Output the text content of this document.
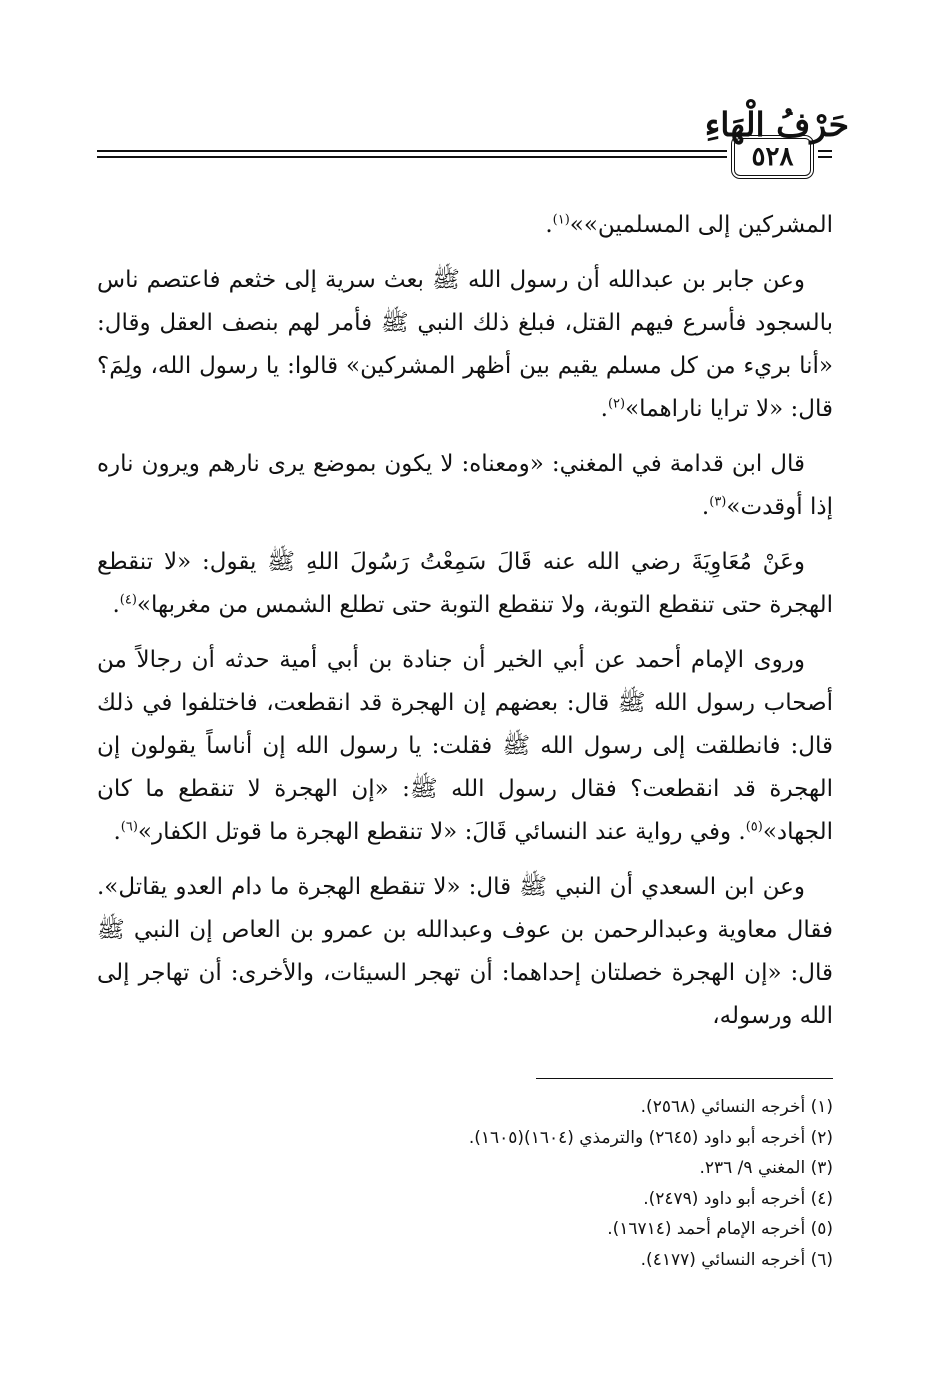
حَرْفُ الْهَاءِ
٥٢٨

المشركين إلى المسلمين»»$^{(١)}$.

وعن جابر بن عبدالله أن رسول الله ﷺ بعث سرية إلى خثعم فاعتصم ناس بالسجود فأسرع فيهم القتل، فبلغ ذلك النبي ﷺ فأمر لهم بنصف العقل وقال: «أنا بريء من كل مسلم يقيم بين أظهر المشركين» قالوا: يا رسول الله، ولِمَ؟ قال: «لا ترايا ناراهما»$^{(٢)}$.

قال ابن قدامة في المغني: «ومعناه: لا يكون بموضع يرى نارهم ويرون ناره إذا أوقدت»$^{(٣)}$.

وعَنْ مُعَاوِيَةَ رضي الله عنه قَالَ سَمِعْتُ رَسُولَ اللهِ ﷺ يقول: «لا تنقطع الهجرة حتى تنقطع التوبة، ولا تنقطع التوبة حتى تطلع الشمس من مغربها»$^{(٤)}$.

وروى الإمام أحمد عن أبي الخير أن جنادة بن أبي أمية حدثه أن رجالاً من أصحاب رسول الله ﷺ قال: بعضهم إن الهجرة قد انقطعت، فاختلفوا في ذلك قال: فانطلقت إلى رسول الله ﷺ فقلت: يا رسول الله إن أناساً يقولون إن الهجرة قد انقطعت؟ فقال رسول الله ﷺ: «إن الهجرة لا تنقطع ما كان الجهاد»$^{(٥)}$. وفي رواية عند النسائي قَالَ: «لا تنقطع الهجرة ما قوتل الكفار»$^{(٦)}$.

وعن ابن السعدي أن النبي ﷺ قال: «لا تنقطع الهجرة ما دام العدو يقاتل». فقال معاوية وعبدالرحمن بن عوف وعبدالله بن عمرو بن العاص إن النبي ﷺ قال: «إن الهجرة خصلتان إحداهما: أن تهجر السيئات، والأخرى: أن تهاجر إلى الله ورسوله،

(١) أخرجه النسائي (٢٥٦٨).
(٢) أخرجه أبو داود (٢٦٤٥) والترمذي (١٦٠٤)(١٦٠٥).
(٣) المغني ٩/ ٢٣٦.
(٤) أخرجه أبو داود (٢٤٧٩).
(٥) أخرجه الإمام أحمد (١٦٧١٤).
(٦) أخرجه النسائي (٤١٧٧).
